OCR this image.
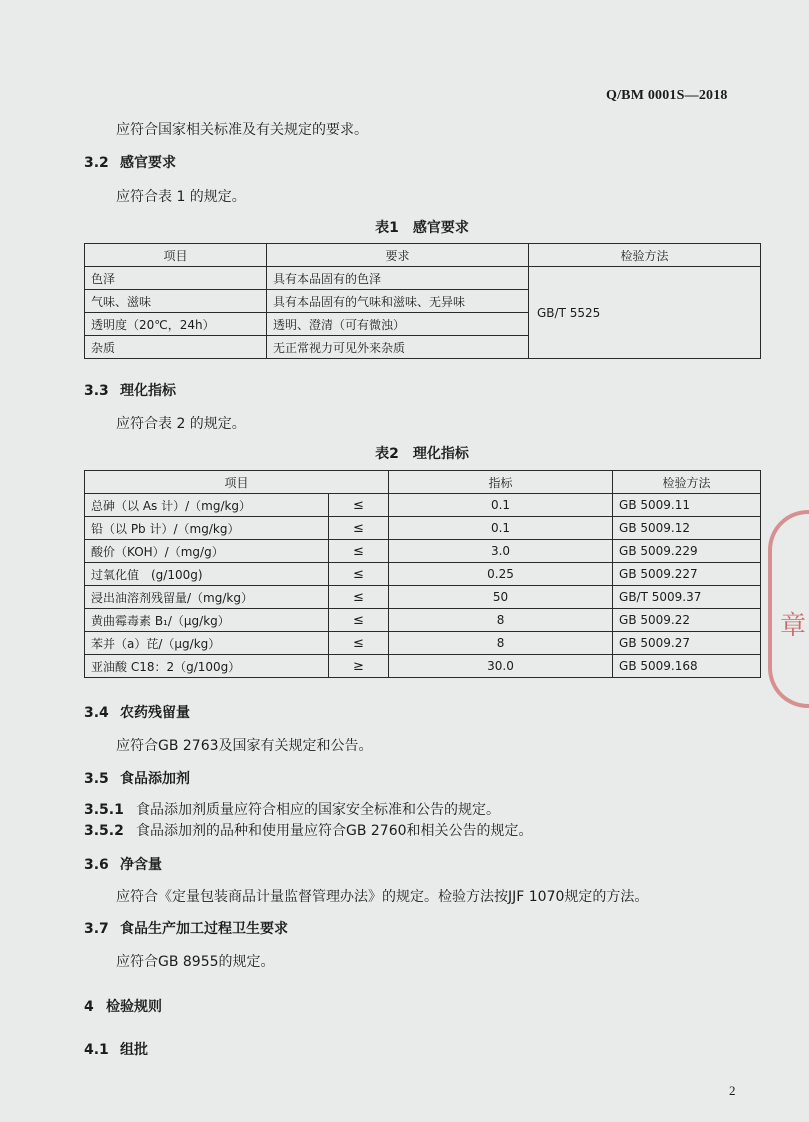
Q/BM 0001S—2018
应符合国家相关标准及有关规定的要求。
3.2 感官要求
应符合表 1 的规定。
表1　感官要求
项目	要求	检验方法
色泽	具有本品固有的色泽	GB/T 5525
气味、滋味	具有本品固有的气味和滋味、无异味	
透明度（20℃，24h）	透明、澄清（可有微浊）	
杂质	无正常视力可见外来杂质	
3.3 理化指标
应符合表 2 的规定。
表2　理化指标
项目		指标	检验方法
总砷（以 As 计）/（mg/kg）	≤	0.1	GB 5009.11
铅（以 Pb 计）/（mg/kg）	≤	0.1	GB 5009.12
酸价（KOH）/（mg/g）	≤	3.0	GB 5009.229
过氧化值　(g/100g)	≤	0.25	GB 5009.227
浸出油溶剂残留量/（mg/kg）	≤	50	GB/T 5009.37
黄曲霉毒素 B₁/（μg/kg）	≤	8	GB 5009.22
苯并（a）芘/（μg/kg）	≤	8	GB 5009.27
亚油酸 C18：2（g/100g）	≥	30.0	GB 5009.168
3.4 农药残留量
应符合GB 2763及国家有关规定和公告。
3.5 食品添加剂
3.5.1 食品添加剂质量应符合相应的国家安全标准和公告的规定。
3.5.2 食品添加剂的品种和使用量应符合GB 2760和相关公告的规定。
3.6 净含量
应符合《定量包装商品计量监督管理办法》的规定。检验方法按JJF 1070规定的方法。
3.7 食品生产加工过程卫生要求
应符合GB 8955的规定。
4 检验规则
4.1 组批
2
章
